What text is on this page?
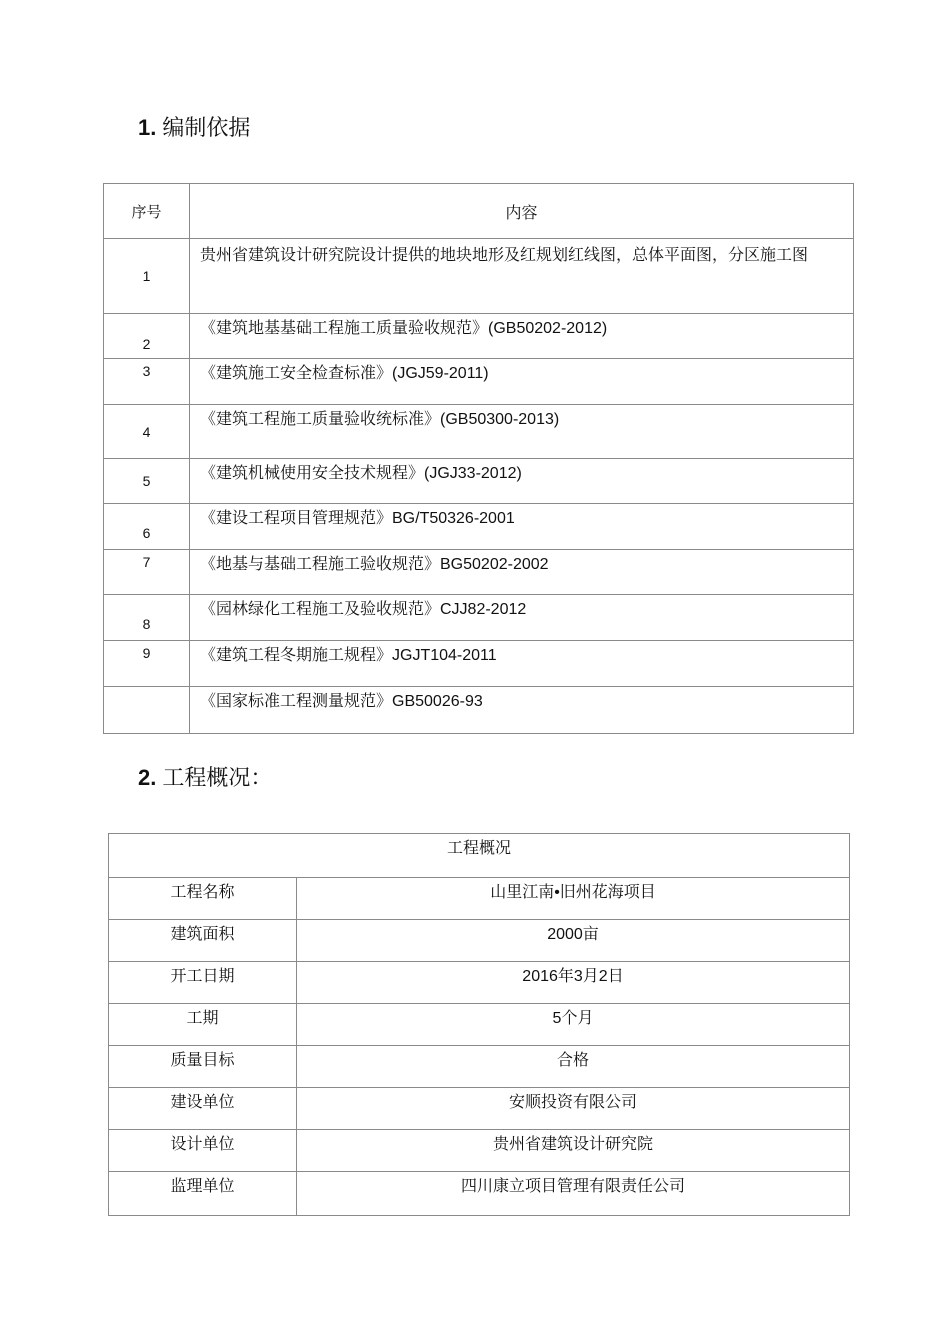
1. 编制依据
序号	内容
1	贵州省建筑设计研究院设计提供的地块地形及红规划红线图，总体平面图，分区施工图
2	《建筑地基基础工程施工质量验收规范》(GB50202-2012)
3	《建筑施工安全检查标准》(JGJ59-2011)
4	《建筑工程施工质量验收统标准》(GB50300-2013)
5	《建筑机械使用安全技术规程》(JGJ33-2012)
6	《建设工程项目管理规范》BG/T50326-2001
7	《地基与基础工程施工验收规范》BG50202-2002
8	《园林绿化工程施工及验收规范》CJJ82-2012
9	《建筑工程冬期施工规程》JGJT104-2011
	《国家标准工程测量规范》GB50026-93
2. 工程概况：
工程概况	
工程名称	山里江南•旧州花海项目
建筑面积	2000亩
开工日期	2016年3月2日
工期	5个月
质量目标	合格
建设单位	安顺投资有限公司
设计单位	贵州省建筑设计研究院
监理单位	四川康立项目管理有限责任公司
